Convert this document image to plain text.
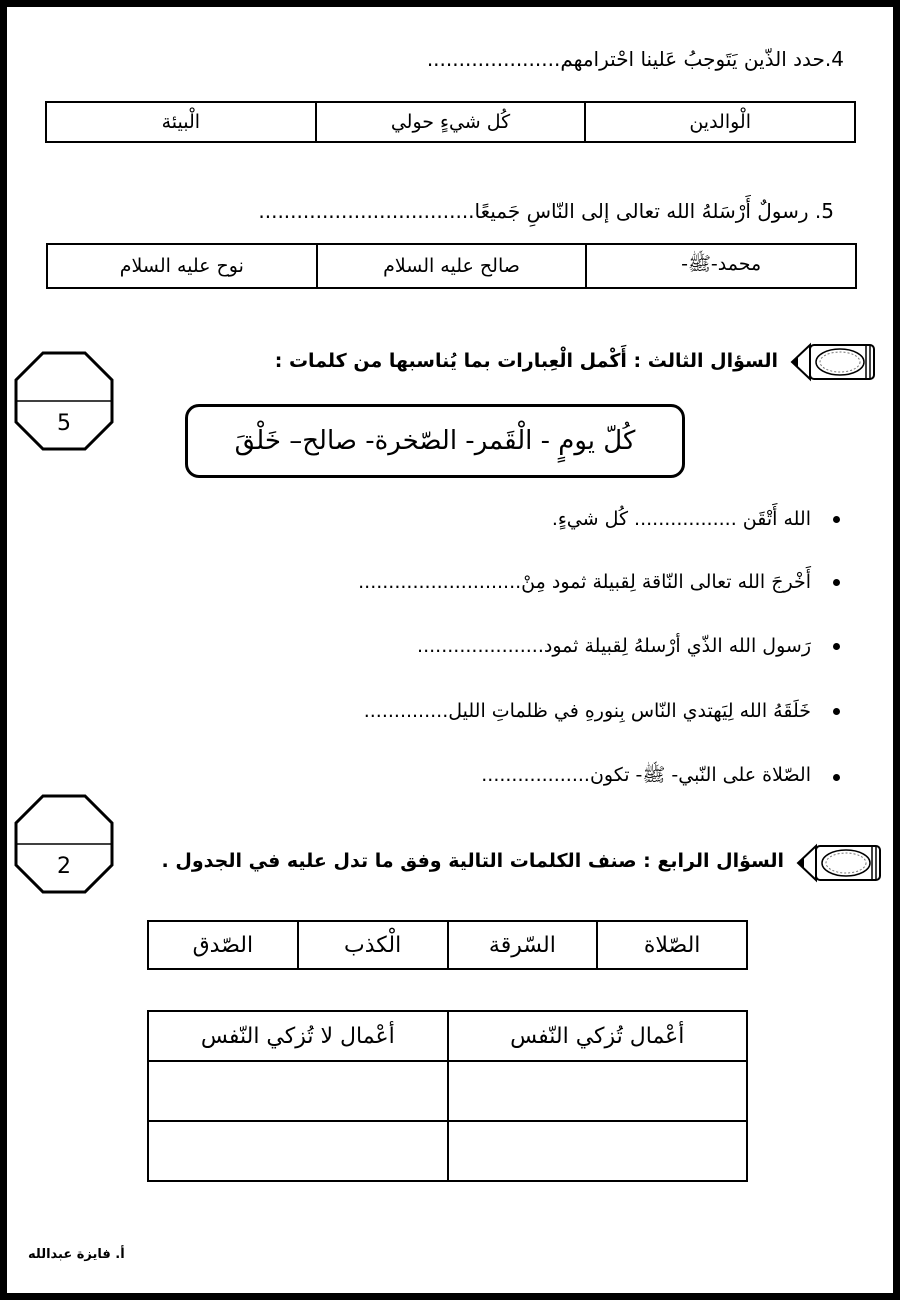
4.حدد الذّين يَتَوجبُ عَلينا احْترامهم.....................
الْوالدين	كُل شيءٍ حولي	الْبيئة
5. رسولٌ أَرْسَلهُ الله تعالى إلى النّاسِ جَميعًا..................................
محمد-ﷺ-	صالح عليه السلام	نوح عليه السلام
السؤال الثالث : أَكْمل الْعِبارات بما يُناسبها من كلمات :
5
كُلّ يومٍ - الْقَمر- الصّخرة- صالح– خَلْقَ
الله أَتْقَن ................. كُل شيءٍ.
أَخْرجَ الله تعالى النّاقة لِقبيلة ثمود مِنْ...........................
رَسول الله الذّي أرْسلهُ لِقبيلة ثمود.....................
خَلَقَهُ الله لِيَهتدي النّاس بِنورهِ في ظلماتِ الليل..............
الصّلاة على النّبي- ﷺ- تكون..................
2	السؤال الرابع : صنف الكلمات التالية وفق ما تدل عليه في الجدول .
الصّلاة	السّرقة	الْكذب	الصّدق
أعْمال تُزكي النّفس	أعْمال لا تُزكي النّفس

أ. فايزة عبدالله
